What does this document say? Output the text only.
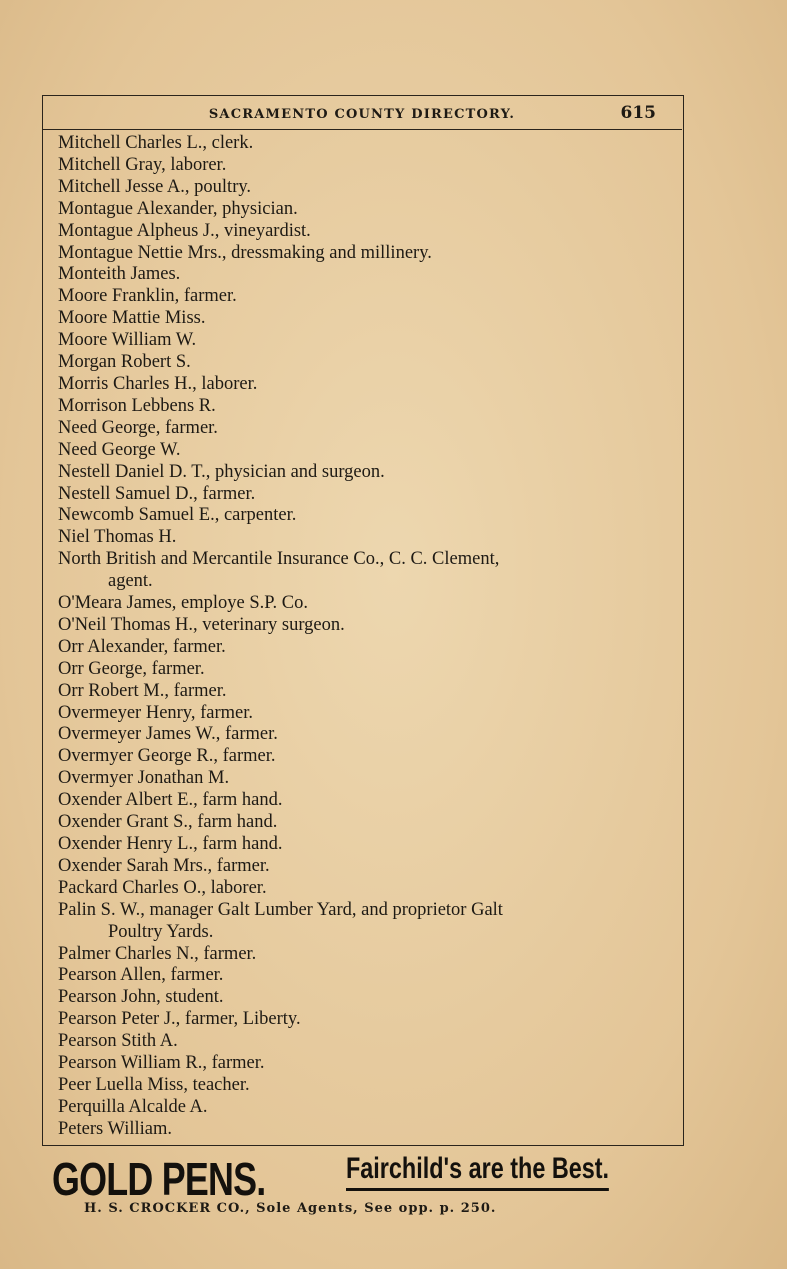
SACRAMENTO COUNTY DIRECTORY.	615
Mitchell Charles L., clerk.
Mitchell Gray, laborer.
Mitchell Jesse A., poultry.
Montague Alexander, physician.
Montague Alpheus J., vineyardist.
Montague Nettie Mrs., dressmaking and millinery.
Monteith James.
Moore Franklin, farmer.
Moore Mattie Miss.
Moore William W.
Morgan Robert S.
Morris Charles H., laborer.
Morrison Lebbens R.
Need George, farmer.
Need George W.
Nestell Daniel D. T., physician and surgeon.
Nestell Samuel D., farmer.
Newcomb Samuel E., carpenter.
Niel Thomas H.
North British and Mercantile Insurance Co., C. C. Clement,
agent.
O'Meara James, employe S.P. Co.
O'Neil Thomas H., veterinary surgeon.
Orr Alexander, farmer.
Orr George, farmer.
Orr Robert M., farmer.
Overmeyer Henry, farmer.
Overmeyer James W., farmer.
Overmyer George R., farmer.
Overmyer Jonathan M.
Oxender Albert E., farm hand.
Oxender Grant S., farm hand.
Oxender Henry L., farm hand.
Oxender Sarah Mrs., farmer.
Packard Charles O., laborer.
Palin S. W., manager Galt Lumber Yard, and proprietor Galt
Poultry Yards.
Palmer Charles N., farmer.
Pearson Allen, farmer.
Pearson John, student.
Pearson Peter J., farmer, Liberty.
Pearson Stith A.
Pearson William R., farmer.
Peer Luella Miss, teacher.
Perquilla Alcalde A.
Peters William.
GOLD PENS.	Fairchild's are the Best.
H. S. CROCKER CO., Sole Agents, See opp. p. 250.
